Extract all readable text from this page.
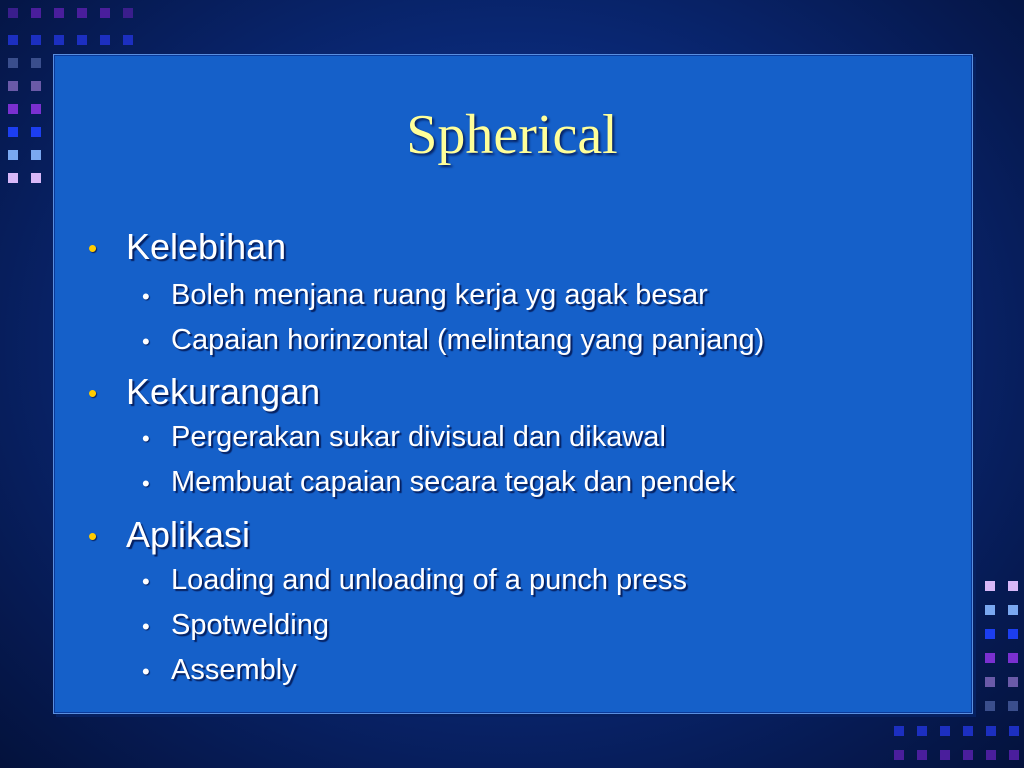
Spherical
• Kelebihan
• Boleh menjana ruang kerja yg agak besar
• Capaian horinzontal (melintang yang panjang)
• Kekurangan
• Pergerakan sukar divisual dan dikawal
• Membuat capaian secara tegak dan pendek
• Aplikasi
• Loading and unloading of a punch press
• Spotwelding
• Assembly
